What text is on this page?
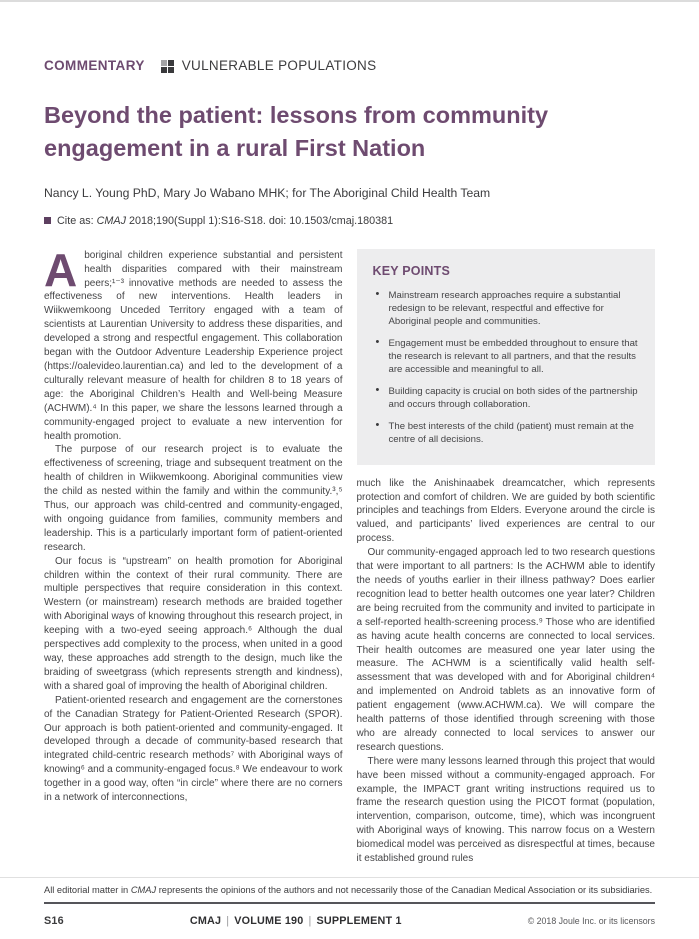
COMMENTARY	VULNERABLE POPULATIONS
Beyond the patient: lessons from community engagement in a rural First Nation
Nancy L. Young PhD, Mary Jo Wabano MHK; for The Aboriginal Child Health Team
Cite as: CMAJ 2018;190(Suppl 1):S16-S18. doi: 10.1503/cmaj.180381

Aboriginal children experience substantial and persistent health disparities compared with their mainstream peers;¹⁻³ innovative methods are needed to assess the effectiveness of new interventions. Health leaders in Wiikwemkoong Unceded Territory engaged with a team of scientists at Laurentian University to address these disparities, and developed a strong and respectful engagement. This collaboration began with the Outdoor Adventure Leadership Experience project (https://oalevideo.laurentian.ca) and led to the development of a culturally relevant measure of health for children 8 to 18 years of age: the Aboriginal Children’s Health and Well-being Measure (ACHWM).⁴ In this paper, we share the lessons learned through a community-engaged project to evaluate a new intervention for health promotion.

The purpose of our research project is to evaluate the effectiveness of screening, triage and subsequent treatment on the health of children in Wiikwemkoong. Aboriginal communities view the child as nested within the family and within the community.³,⁵ Thus, our approach was child-centred and community-engaged, with ongoing guidance from families, community members and leadership. This is a particularly important form of patient-oriented research.

Our focus is “upstream” on health promotion for Aboriginal children within the context of their rural community. There are multiple perspectives that require consideration in this context. Western (or mainstream) research methods are braided together with Aboriginal ways of knowing throughout this research project, in keeping with a two-eyed seeing approach.⁶ Although the dual perspectives add complexity to the process, when united in a good way, these approaches add strength to the design, much like the braiding of sweetgrass (which represents strength and kindness), with a shared goal of improving the health of Aboriginal children.

Patient-oriented research and engagement are the cornerstones of the Canadian Strategy for Patient-Oriented Research (SPOR). Our approach is both patient-oriented and community-engaged. It developed through a decade of community-based research that integrated child-centric research methods⁷ with Aboriginal ways of knowing⁶ and a community-engaged focus.⁸ We endeavour to work together in a good way, often “in circle” where there are no corners in a network of interconnections,

KEY POINTS
• Mainstream research approaches require a substantial redesign to be relevant, respectful and effective for Aboriginal people and communities.
• Engagement must be embedded throughout to ensure that the research is relevant to all partners, and that the results are accessible and meaningful to all.
• Building capacity is crucial on both sides of the partnership and occurs through collaboration.
• The best interests of the child (patient) must remain at the centre of all decisions.

much like the Anishinaabek dreamcatcher, which represents protection and comfort of children. We are guided by both scientific principles and teachings from Elders. Everyone around the circle is valued, and participants’ lived experiences are central to our process.

Our community-engaged approach led to two research questions that were important to all partners: Is the ACHWM able to identify the needs of youths earlier in their illness pathway? Does earlier recognition lead to better health outcomes one year later? Children are being recruited from the community and invited to participate in a self-reported health-screening process.⁹ Those who are identified as having acute health concerns are connected to local services. Their health outcomes are measured one year later using the measure. The ACHWM is a scientifically valid health self-assessment that was developed with and for Aboriginal children⁴ and implemented on Android tablets as an innovative form of patient engagement (www.ACHWM.ca). We will compare the health patterns of those identified through screening with those who are already connected to local services to answer our research questions.

There were many lessons learned through this project that would have been missed without a community-engaged approach. For example, the IMPACT grant writing instructions required us to frame the research question using the PICOT format (population, intervention, comparison, outcome, time), which was incongruent with Aboriginal ways of knowing. This narrow focus on a Western biomedical model was perceived as disrespectful at times, because it established ground rules

All editorial matter in CMAJ represents the opinions of the authors and not necessarily those of the Canadian Medical Association or its subsidiaries.
S16	CMAJ | VOLUME 190 | SUPPLEMENT 1	© 2018 Joule Inc. or its licensors
